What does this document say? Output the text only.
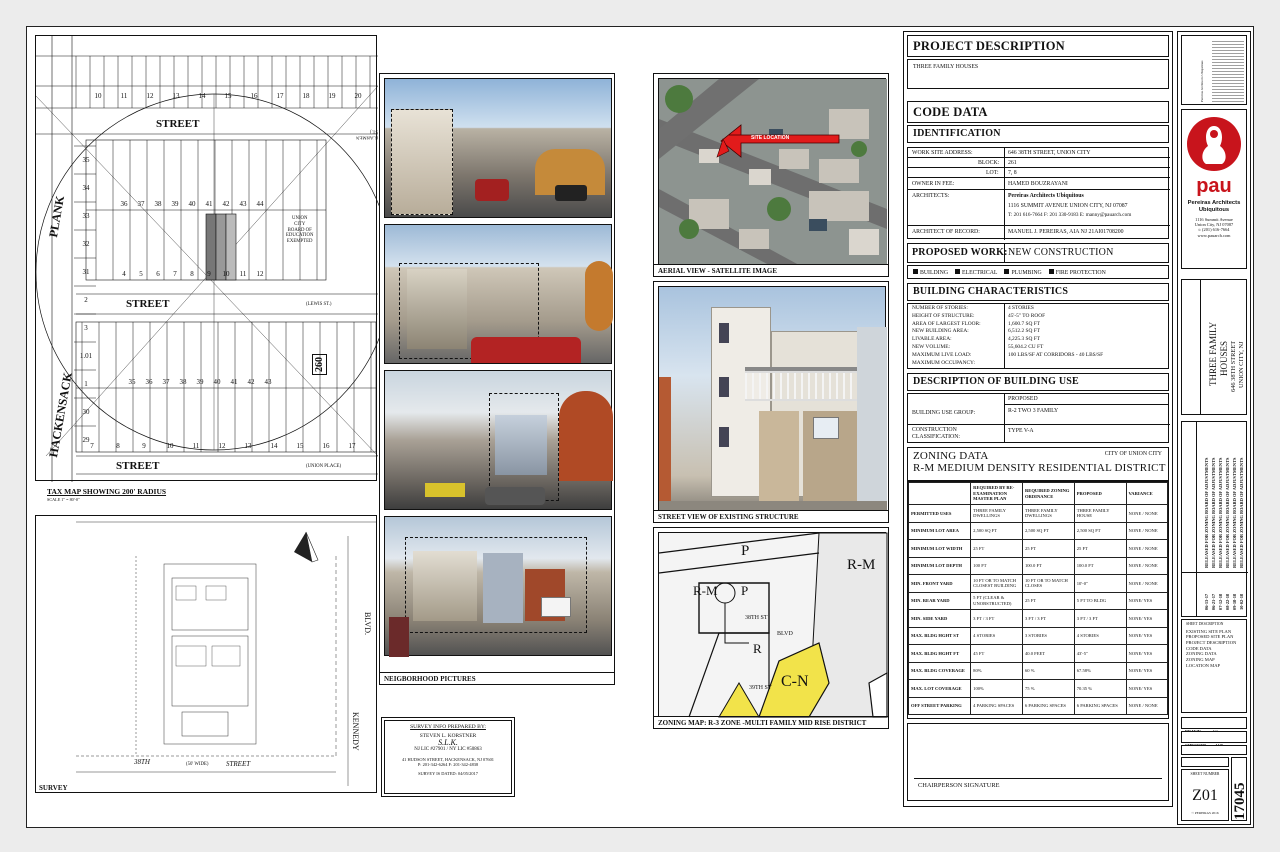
10	11	12	13	14	15	16	17	18	19	20
36 37 38 39 40 41 42 43 44
4 5 6 7 8 9 10 11 12
35 36 37 38 39 40 41 42 43
7	8	9	10	11	12	13	14	15	16	17
35
34
33
32
31
2
3
1.01
1
30
29
STREET
PLANK
STREET
HACKENSACK
STREET
(CARMEN ST.)
(LEWIS ST.)
(UNION PLACE)
260
UNION
CITY
BOARD OF
EDUCATION
EXEMPTED
TAX MAP SHOWING 200' RADIUS
SCALE 1" = 80'-0"
KENNEDY
BLVD.
38TH	STREET
(50' WIDE)
SURVEY
NEIGBORHOOD PICTURES
SURVEY INFO PREPARED BY:
STEVEN L. KORSTNER
S.L.K.
NJ LIC #27901 / NY LIC #50863
41 HUDSON STREET, HACKENSACK, NJ 07601
P: 201-342-6264 F: 201-342-4838
SURVEY IS DATED: 04/05/2017
SITE LOCATION
AERIAL VIEW - SATELLITE IMAGE
STREET VIEW OF EXISTING STRUCTURE
P
R-M
R-M P
C-N
R
38TH ST
39TH ST
BLVD
ZONING MAP: R-3 ZONE -MULTI FAMILY MID RISE DISTRICT
PROJECT DESCRIPTION
THREE FAMILY HOUSES
CODE DATA
IDENTIFICATION
WORK SITE ADDRESS:	646 38TH STREET, UNION CITY
BLOCK: 261
LOT: 7, 8
OWNER IN FEE:	HAMED BOUZRAYANI
ARCHITECTS:	Pereiras Architects Ubiquitous
1116 SUMMIT AVENUE UNION CITY, NJ 07087
T: 201 616-7664 F: 201 330-9183 E: manny@pauarch.com
ARCHITECT OF RECORD:	MANUEL J. PEREIRAS, AIA NJ 21AI01708200
PROPOSED WORK: NEW CONSTRUCTION
BUILDING	ELECTRICAL	PLUMBING	FIRE PROTECTION
BUILDING CHARACTERISTICS
NUMBER OF STORIES:	4 STORIES
HEIGHT OF STRUCTURE:	45'-5" TO ROOF
AREA OF LARGEST FLOOR:	1,600.7 SQ FT
NEW BUILDING AREA:	6,512.2 SQ FT
LIVABLE AREA:	4,225.3 SQ FT
NEW VOLUME:	55,604.2 CU FT
MAXIMUM LIVE LOAD:	100 LBS/SF AT CORRIDORS - 40 LBS/SF
MAXIMUM OCCUPANCY:
DESCRIPTION OF BUILDING USE
PROPOSED
BUILDING USE GROUP:	R-2 TWO 3 FAMILY
CONSTRUCTION CLASSIFICATION:
TYPE V-A
ZONING DATA	CITY OF UNION CITY
R-M MEDIUM DENSITY RESIDENTIAL DISTRICT
	REQUIRED BY RE-EXAMINATION MASTER PLAN	REQUIRED ZONING ORDINANCE	PROPOSED	VARIANCE
PERMITTED USES	THREE FAMILY DWELLINGS	THREE FAMILY DWELLINGS	THREE FAMILY HOUSE	NONE / NONE
MINIMUM LOT AREA	2,500 SQ FT	2,500 SQ FT	2,500 SQ FT	NONE / NONE
MINIMUM LOT WIDTH	25 FT	25 FT	25 FT	NONE / NONE
MINIMUM LOT DEPTH	100 FT	100.0 FT	100.0 FT	NONE / NONE
MIN. FRONT YARD	10 FT OR TO MATCH CLOSEST BUILDING	10 FT OR TO MATCH CLOSES	10'-0"	NONE / NONE
MIN. REAR YARD	5 FT (CLEAR & UNOBSTRUCTED)	25 FT	5 FT TO BLDG	NONE/ YES
MIN. SIDE YARD	3 FT / 3 FT	3 FT / 3 FT	3 FT / 3 FT	NONE/ YES
MAX. BLDG HGHT ST	4 STORIES	3 STORIES	4 STORIES	NONE/ YES
MAX. BLDG HGHT FT	45 FT	40.0 FEET	43'-5"	NONE/ YES
MAX. BLDG COVERAGE	80%	60 %	67.58%	NONE/ YES
MAX. LOT COVERAGE	100%	75 %	70.35 %	NONE/ YES
OFF STREET PARKING	4 PARKING SPACES	6 PARKING SPACES	6 PARKING SPACES	NONE / NONE
CHAIRPERSON SIGNATURE
Pereiras Architects Ubiquitous
pau
Pereiras Architects Ubiquitous
1116 Summit Avenue
Union City, NJ 07087
t: (201) 616-7664
www.pauarch.com
THREE FAMILY HOUSES 646 38TH STREET UNION CITY, NJ
RELEASED FOR ZONING BOARD OF ADJUSTMENTS
06-13-17
RELEASED FOR ZONING BOARD OF ADJUSTMENTS
06-21-17
RELEASED FOR ZONING BOARD OF ADJUSTMENTS
07-12-18
RELEASED FOR ZONING BOARD OF ADJUSTMENTS
08-22-18
RELEASED FOR ZONING BOARD OF ADJUSTMENTS
09-18-18
RELEASED FOR ZONING BOARD OF ADJUSTMENTS
10-02-18
SHEET DESCRIPTION
EXISTING SITE PLAN
PROPOSED SITE PLAN
PROJECT DESCRIPTION
CODE DATA
ZONING DATA
ZONING MAP
LOCATION MAP
SHEET NUMBER
Z01
© PEREIRAS 2016 17045
